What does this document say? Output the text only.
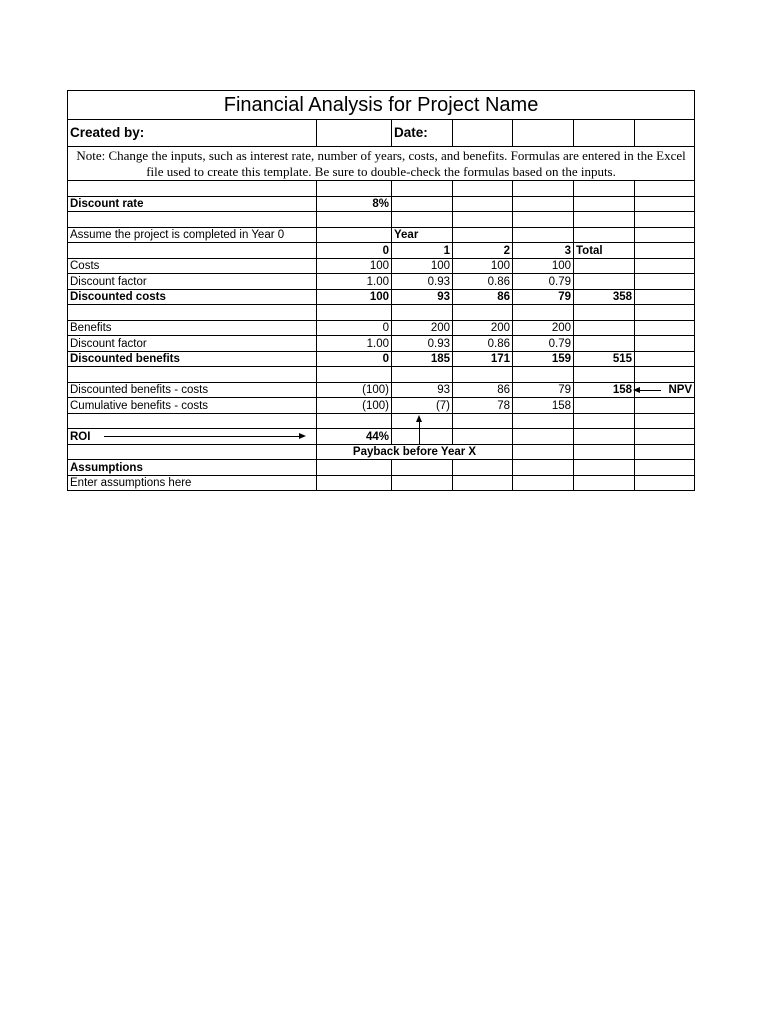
Financial Analysis for Project Name						
Created by:		Date:				
Note: Change the inputs, such as interest rate, number of years, costs, and benefits. Formulas are entered in the Excel file used to create this template. Be sure to double-check the formulas based on the inputs.						

Discount rate	8%					

Assume the project is completed in Year 0		Year				
	0	1	2	3	Total	
Costs	100	100	100	100		
Discount factor	1.00	0.93	0.86	0.79		
Discounted costs	100	93	86	79	358	

Benefits	0	200	200	200		
Discount factor	1.00	0.93	0.86	0.79		
Discounted benefits	0	185	171	159	515	

Discounted benefits - costs	(100)	93	86	79	158	NPV

Cumulative benefits - costs	(100)	(7)	78	158		

ROI	44%					
	Payback before Year X					
Assumptions						
Enter assumptions here						
